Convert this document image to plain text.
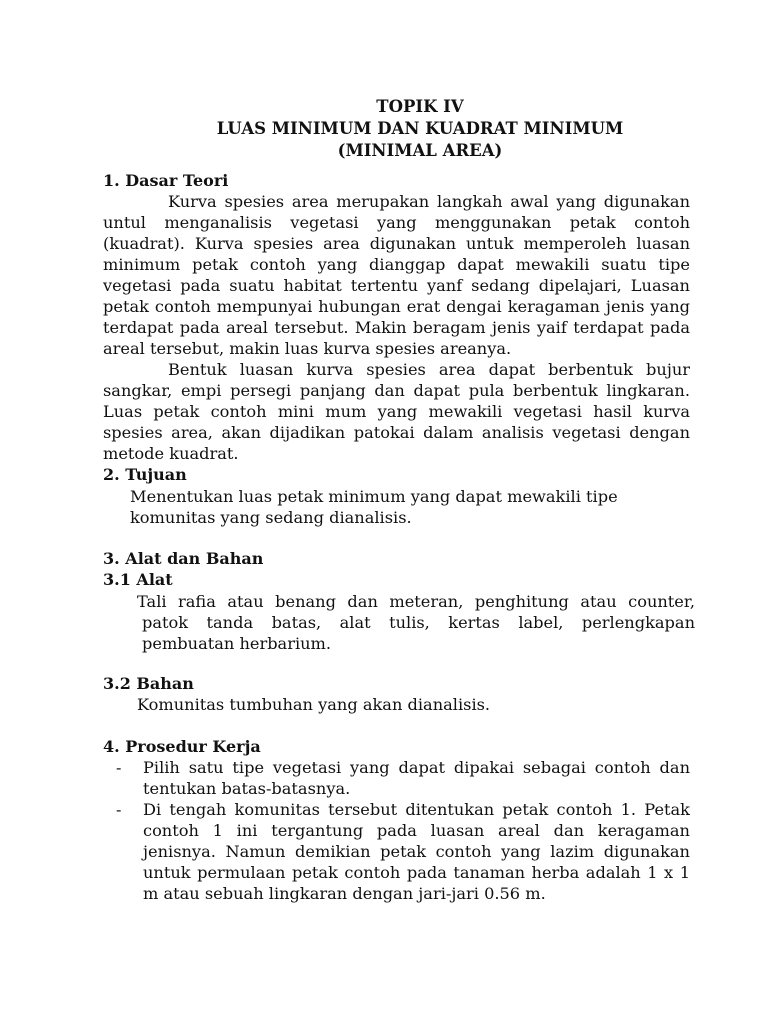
TOPIK IV
LUAS MINIMUM DAN KUADRAT MINIMUM
(MINIMAL AREA)
1. Dasar Teori
Kurva spesies area merupakan langkah awal yang digunakan untul menganalisis vegetasi yang menggunakan petak contoh (kuadrat). Kurva spesies area digunakan untuk memperoleh luasan minimum petak contoh yang dianggap dapat mewakili suatu tipe vegetasi pada suatu habitat tertentu yanf sedang dipelajari, Luasan petak contoh mempunyai hubungan erat dengai keragaman jenis yang terdapat pada areal tersebut. Makin beragam jenis yaif terdapat pada areal tersebut, makin luas kurva spesies areanya.
Bentuk luasan kurva spesies area dapat berbentuk bujur sangkar, empi persegi panjang dan dapat pula berbentuk lingkaran. Luas petak contoh mini mum yang mewakili vegetasi hasil kurva spesies area, akan dijadikan patokai dalam analisis vegetasi dengan metode kuadrat.
2. Tujuan
Menentukan luas petak minimum yang dapat mewakili tipe komunitas yang sedang dianalisis.
3. Alat dan Bahan
3.1 Alat
Tali rafia atau benang dan meteran, penghitung atau counter, patok tanda batas, alat tulis, kertas label, perlengkapan pembuatan herbarium.
3.2 Bahan
Komunitas tumbuhan yang akan dianalisis.
4. Prosedur Kerja
- Pilih satu tipe vegetasi yang dapat dipakai sebagai contoh dan tentukan batas-batasnya.
- Di tengah komunitas tersebut ditentukan petak contoh 1. Petak contoh 1 ini tergantung pada luasan areal dan keragaman jenisnya. Namun demikian petak contoh yang lazim digunakan untuk permulaan petak contoh pada tanaman herba adalah 1 x 1 m atau sebuah lingkaran dengan jari-jari 0.56 m.
